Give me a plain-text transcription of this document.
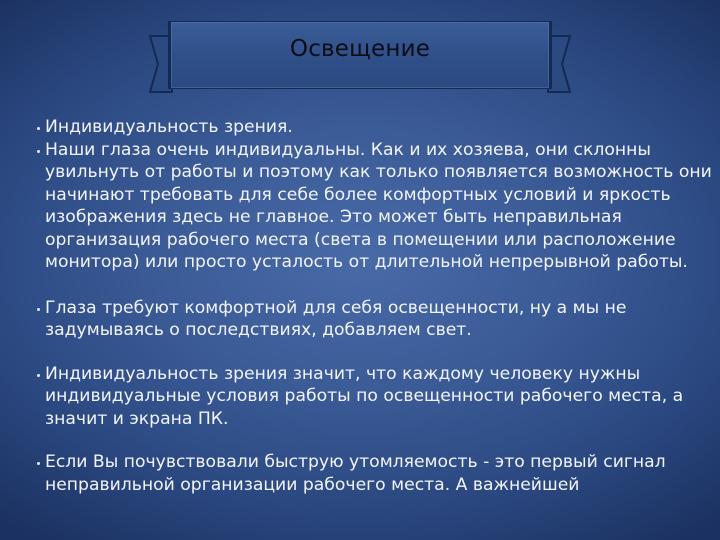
Освещение

Индивидуальность зрения.

Наши глаза очень индивидуальны. Как и их хозяева, они склонны увильнуть от работы и поэтому как только появляется возможность они начинают требовать для себе более комфортных условий и яркость изображения здесь не главное. Это может быть неправильная организация рабочего места (света в помещении или расположение монитора) или просто усталость от длительной непрерывной работы.

Глаза требуют комфортной для себя освещенности, ну а мы не задумываясь о последствиях, добавляем свет.

Индивидуальность зрения значит, что каждому человеку нужны индивидуальные условия работы по освещенности рабочего места, а значит и экрана ПК.

Если Вы почувствовали быструю утомляемость - это первый сигнал неправильной организации рабочего места. А важнейшей
